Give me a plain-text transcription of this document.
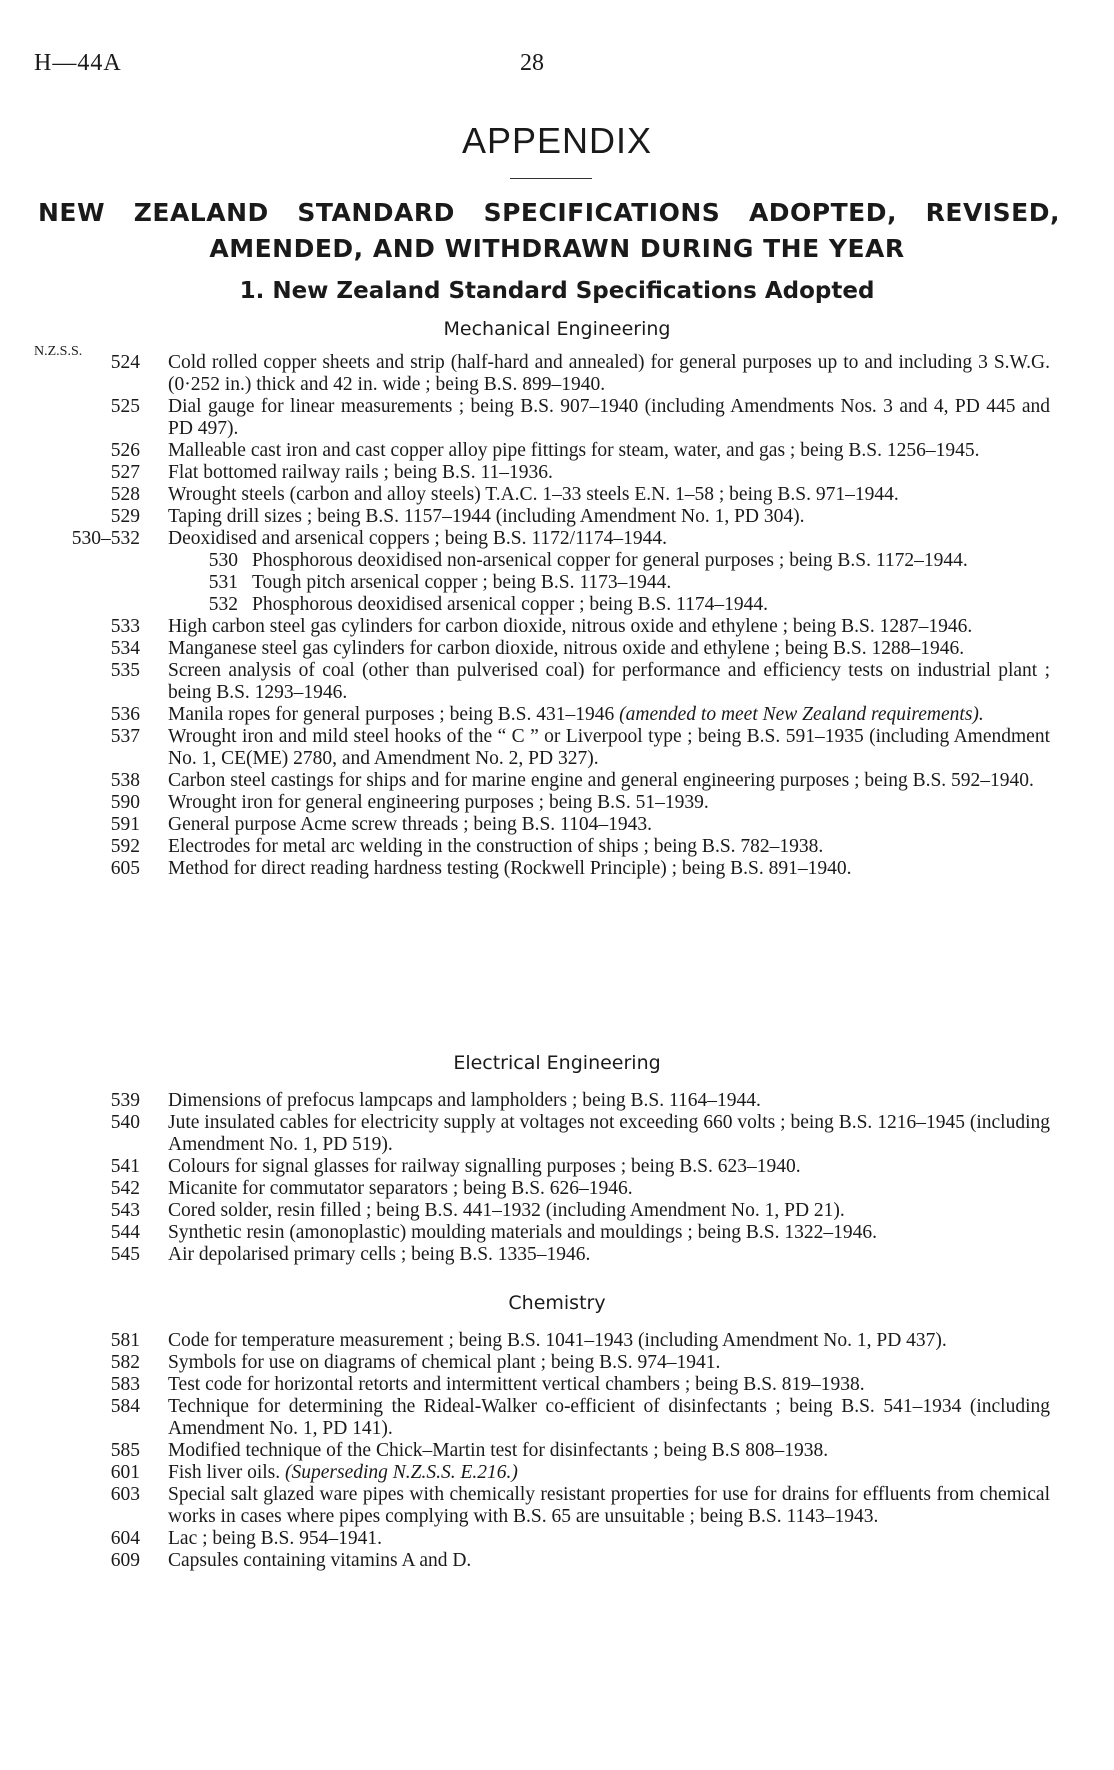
H—44A	28
APPENDIX
NEW ZEALAND STANDARD SPECIFICATIONS ADOPTED, REVISED,
AMENDED, AND WITHDRAWN DURING THE YEAR
1. New Zealand Standard Specifications Adopted
Mechanical Engineering
N.Z.S.S.
524 Cold rolled copper sheets and strip (half-hard and annealed) for general purposes up to and including 3 S.W.G. (0·252 in.) thick and 42 in. wide ; being B.S. 899–1940.
525 Dial gauge for linear measurements ; being B.S. 907–1940 (including Amendments Nos. 3 and 4, PD 445 and PD 497).
526 Malleable cast iron and cast copper alloy pipe fittings for steam, water, and gas ; being B.S. 1256–1945.
527 Flat bottomed railway rails ; being B.S. 11–1936.
528 Wrought steels (carbon and alloy steels) T.A.C. 1–33 steels E.N. 1–58 ; being B.S. 971–1944.
529 Taping drill sizes ; being B.S. 1157–1944 (including Amendment No. 1, PD 304).
530–532 Deoxidised and arsenical coppers ; being B.S. 1172/1174–1944.
530 Phosphorous deoxidised non-arsenical copper for general purposes ; being B.S. 1172–1944.
531 Tough pitch arsenical copper ; being B.S. 1173–1944.
532 Phosphorous deoxidised arsenical copper ; being B.S. 1174–1944.
533 High carbon steel gas cylinders for carbon dioxide, nitrous oxide and ethylene ; being B.S. 1287–1946.
534 Manganese steel gas cylinders for carbon dioxide, nitrous oxide and ethylene ; being B.S. 1288–1946.
535 Screen analysis of coal (other than pulverised coal) for performance and efficiency tests on industrial plant ; being B.S. 1293–1946.
536 Manila ropes for general purposes ; being B.S. 431–1946 (amended to meet New Zealand requirements).
537 Wrought iron and mild steel hooks of the “ C ” or Liverpool type ; being B.S. 591–1935 (including Amendment No. 1, CE(ME) 2780, and Amendment No. 2, PD 327).
538 Carbon steel castings for ships and for marine engine and general engineering purposes ; being B.S. 592–1940.
590 Wrought iron for general engineering purposes ; being B.S. 51–1939.
591 General purpose Acme screw threads ; being B.S. 1104–1943.
592 Electrodes for metal arc welding in the construction of ships ; being B.S. 782–1938.
605 Method for direct reading hardness testing (Rockwell Principle) ; being B.S. 891–1940.
Electrical Engineering
539 Dimensions of prefocus lampcaps and lampholders ; being B.S. 1164–1944.
540 Jute insulated cables for electricity supply at voltages not exceeding 660 volts ; being B.S. 1216–1945 (including Amendment No. 1, PD 519).
541 Colours for signal glasses for railway signalling purposes ; being B.S. 623–1940.
542 Micanite for commutator separators ; being B.S. 626–1946.
543 Cored solder, resin filled ; being B.S. 441–1932 (including Amendment No. 1, PD 21).
544 Synthetic resin (amonoplastic) moulding materials and mouldings ; being B.S. 1322–1946.
545 Air depolarised primary cells ; being B.S. 1335–1946.
Chemistry
581 Code for temperature measurement ; being B.S. 1041–1943 (including Amendment No. 1, PD 437).
582 Symbols for use on diagrams of chemical plant ; being B.S. 974–1941.
583 Test code for horizontal retorts and intermittent vertical chambers ; being B.S. 819–1938.
584 Technique for determining the Rideal-Walker co-efficient of disinfectants ; being B.S. 541–1934 (including Amendment No. 1, PD 141).
585 Modified technique of the Chick–Martin test for disinfectants ; being B.S 808–1938.
601 Fish liver oils. (Superseding N.Z.S.S. E.216.)
603 Special salt glazed ware pipes with chemically resistant properties for use for drains for effluents from chemical works in cases where pipes complying with B.S. 65 are unsuitable ; being B.S. 1143–1943.
604 Lac ; being B.S. 954–1941.
609 Capsules containing vitamins A and D.
